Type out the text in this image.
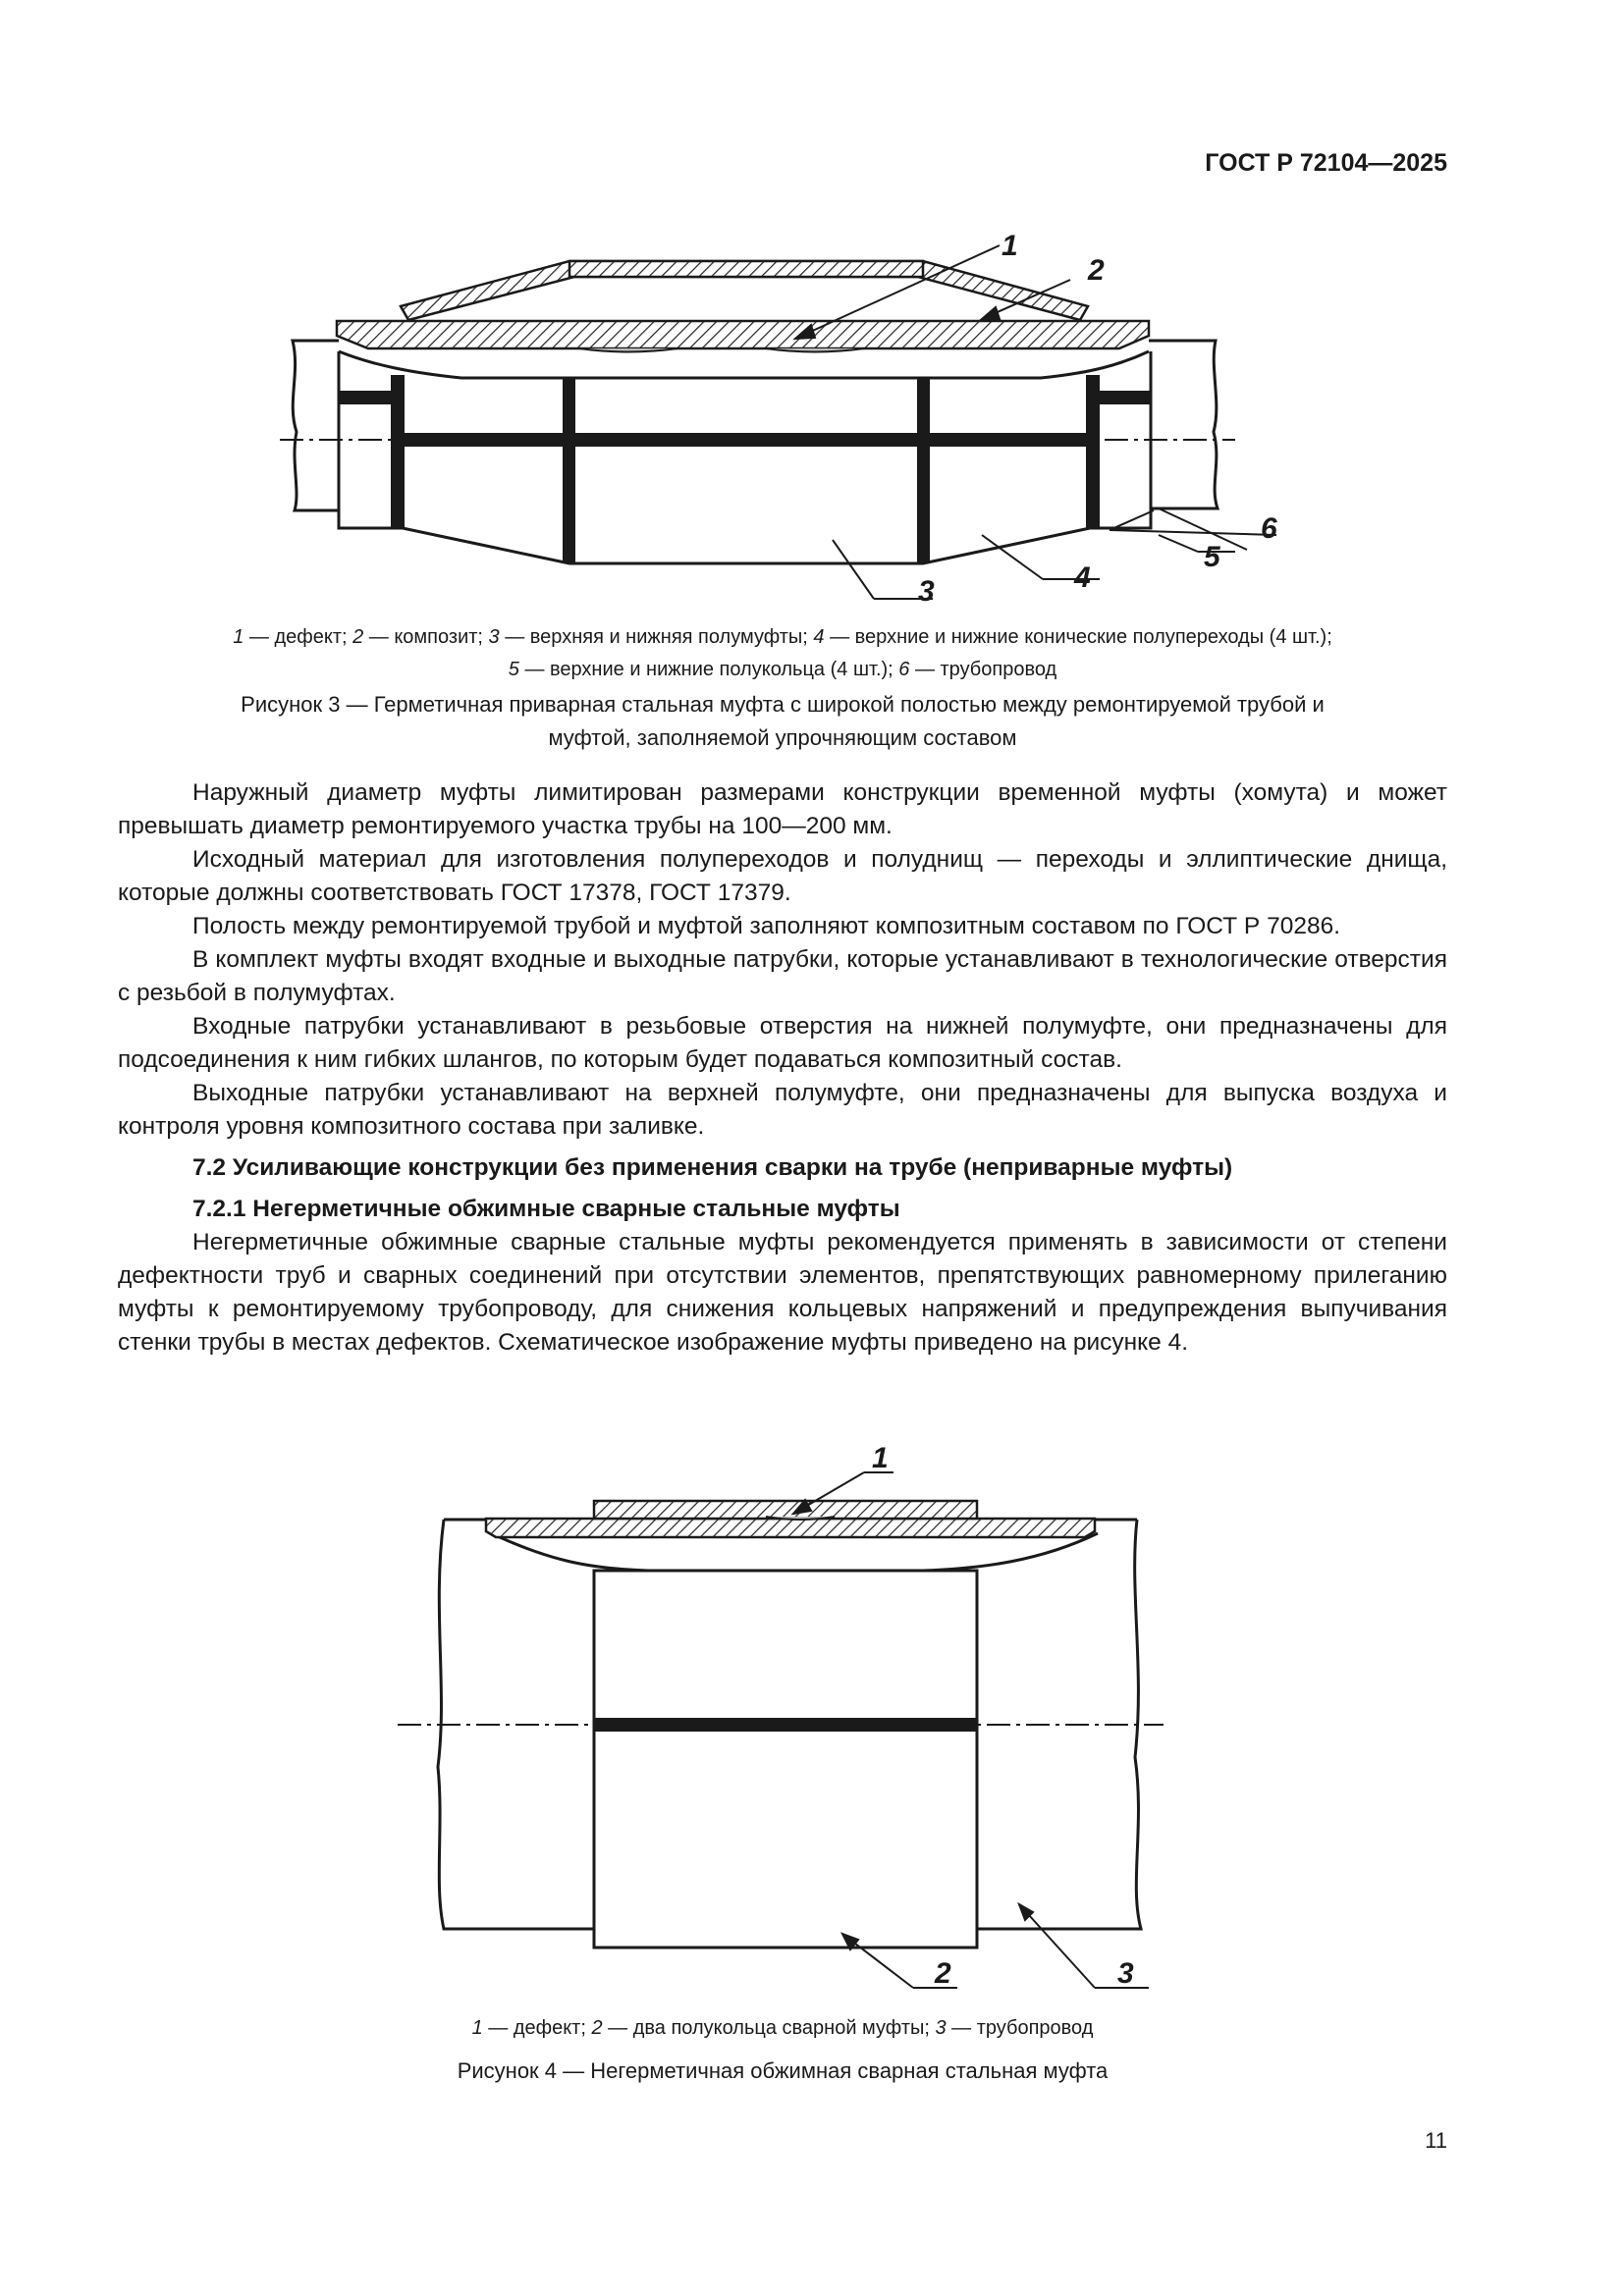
ГОСТ Р 72104—2025
1
2
3	4
5
6
1 — дефект; 2 — композит; 3 — верхняя и нижняя полумуфты; 4 — верхние и нижние конические полупереходы (4 шт.);
5 — верхние и нижние полукольца (4 шт.); 6 — трубопровод
Рисунок 3 — Герметичная приварная стальная муфта с широкой полостью между ремонтируемой трубой и
муфтой, заполняемой упрочняющим составом

Наружный диаметр муфты лимитирован размерами конструкции временной муфты (хомута) и может превышать диаметр ремонтируемого участка трубы на 100—200 мм.

Исходный материал для изготовления полупереходов и полуднищ — переходы и эллиптические днища, которые должны соответствовать ГОСТ 17378, ГОСТ 17379.

Полость между ремонтируемой трубой и муфтой заполняют композитным составом по ГОСТ Р 70286.

В комплект муфты входят входные и выходные патрубки, которые устанавливают в технологические отверстия с резьбой в полумуфтах.

Входные патрубки устанавливают в резьбовые отверстия на нижней полумуфте, они предназначены для подсоединения к ним гибких шлангов, по которым будет подаваться композитный состав.

Выходные патрубки устанавливают на верхней полумуфте, они предназначены для выпуска воздуха и контроля уровня композитного состава при заливке.

7.2 Усиливающие конструкции без применения сварки на трубе (неприварные муфты)

7.2.1 Негерметичные обжимные сварные стальные муфты

Негерметичные обжимные сварные стальные муфты рекомендуется применять в зависимости от степени дефектности труб и сварных соединений при отсутствии элементов, препятствующих равномерному прилеганию муфты к ремонтируемому трубопроводу, для снижения кольцевых напряжений и предупреждения выпучивания стенки трубы в местах дефектов. Схематическое изображение муфты приведено на рисунке 4.

1
2	3
1 — дефект; 2 — два полукольца сварной муфты; 3 — трубопровод
Рисунок 4 — Негерметичная обжимная сварная стальная муфта
11
